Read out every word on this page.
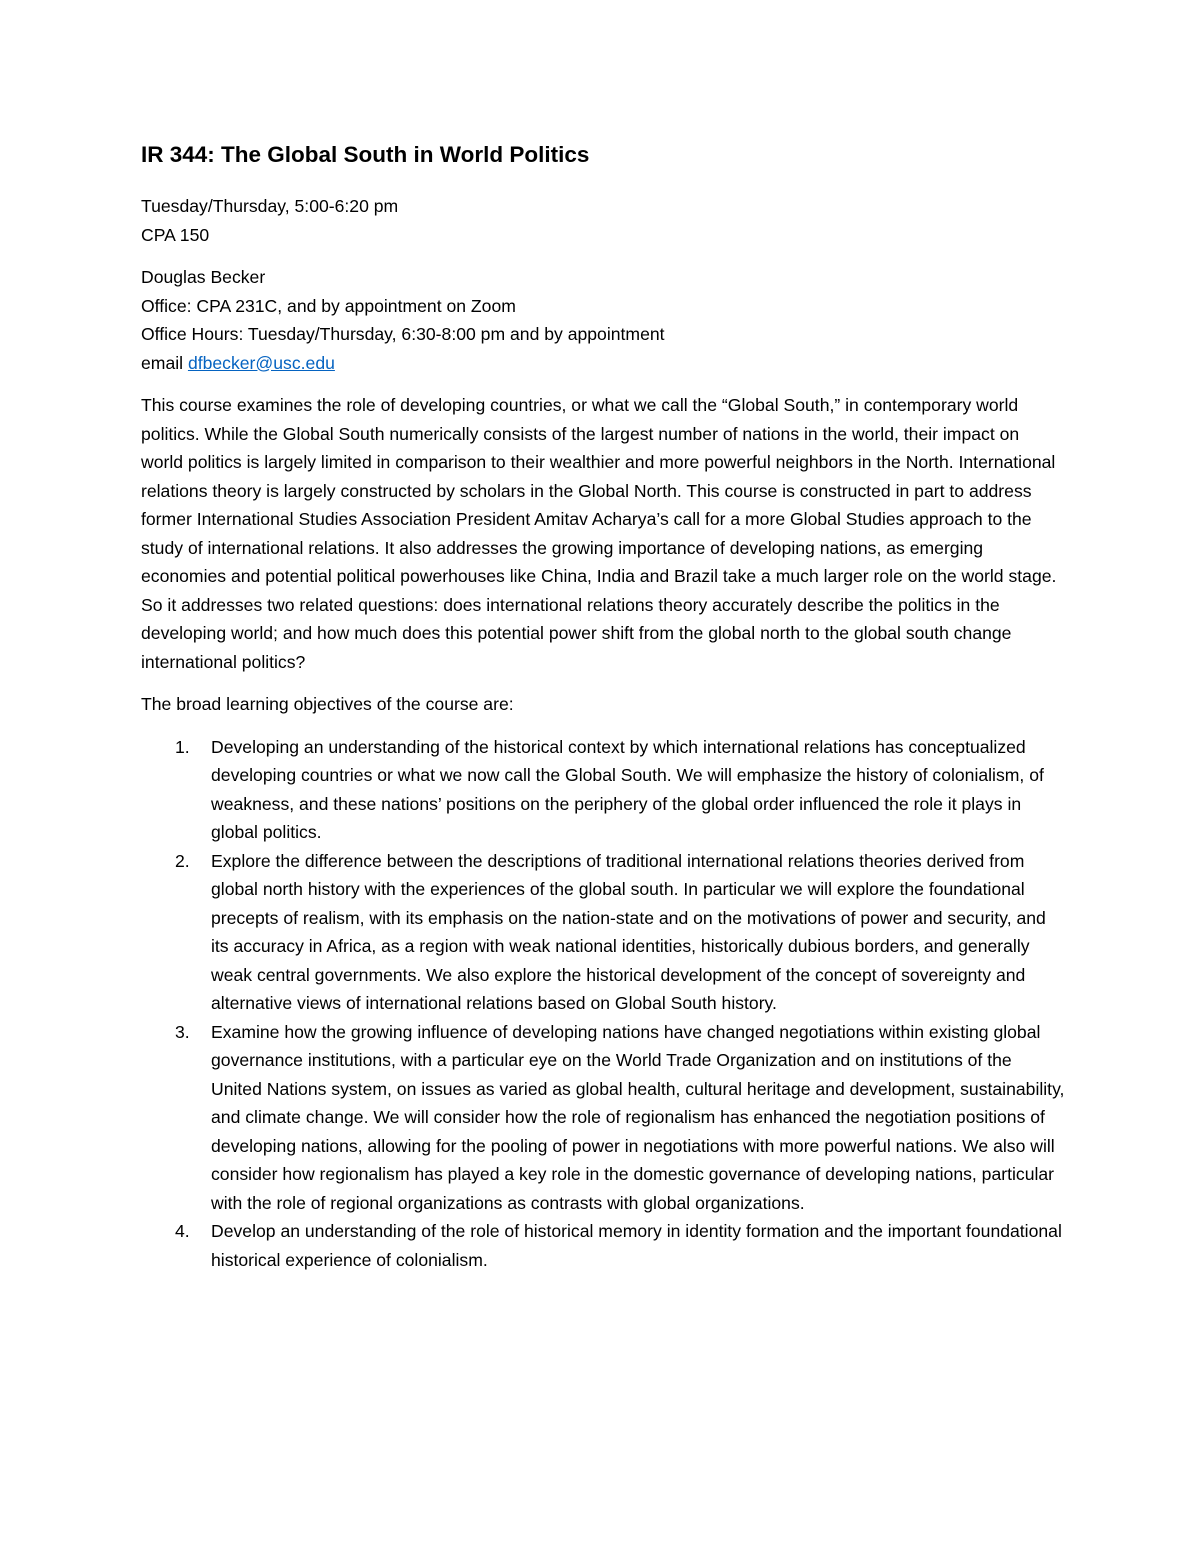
IR 344: The Global South in World Politics
Tuesday/Thursday, 5:00-6:20 pm
CPA 150
Douglas Becker
Office: CPA 231C, and by appointment on Zoom
Office Hours: Tuesday/Thursday, 6:30-8:00 pm and by appointment
email dfbecker@usc.edu

This course examines the role of developing countries, or what we call the “Global South,” in contemporary world politics. While the Global South numerically consists of the largest number of nations in the world, their impact on world politics is largely limited in comparison to their wealthier and more powerful neighbors in the North. International relations theory is largely constructed by scholars in the Global North. This course is constructed in part to address former International Studies Association President Amitav Acharya’s call for a more Global Studies approach to the study of international relations. It also addresses the growing importance of developing nations, as emerging economies and potential political powerhouses like China, India and Brazil take a much larger role on the world stage. So it addresses two related questions: does international relations theory accurately describe the politics in the developing world; and how much does this potential power shift from the global north to the global south change international politics?

The broad learning objectives of the course are:

1. Developing an understanding of the historical context by which international relations has conceptualized developing countries or what we now call the Global South. We will emphasize the history of colonialism, of weakness, and these nations’ positions on the periphery of the global order influenced the role it plays in global politics.
2. Explore the difference between the descriptions of traditional international relations theories derived from global north history with the experiences of the global south. In particular we will explore the foundational precepts of realism, with its emphasis on the nation-state and on the motivations of power and security, and its accuracy in Africa, as a region with weak national identities, historically dubious borders, and generally weak central governments. We also explore the historical development of the concept of sovereignty and alternative views of international relations based on Global South history.
3. Examine how the growing influence of developing nations have changed negotiations within existing global governance institutions, with a particular eye on the World Trade Organization and on institutions of the United Nations system, on issues as varied as global health, cultural heritage and development, sustainability, and climate change. We will consider how the role of regionalism has enhanced the negotiation positions of developing nations, allowing for the pooling of power in negotiations with more powerful nations. We also will consider how regionalism has played a key role in the domestic governance of developing nations, particular with the role of regional organizations as contrasts with global organizations.
4. Develop an understanding of the role of historical memory in identity formation and the important foundational historical experience of colonialism.
